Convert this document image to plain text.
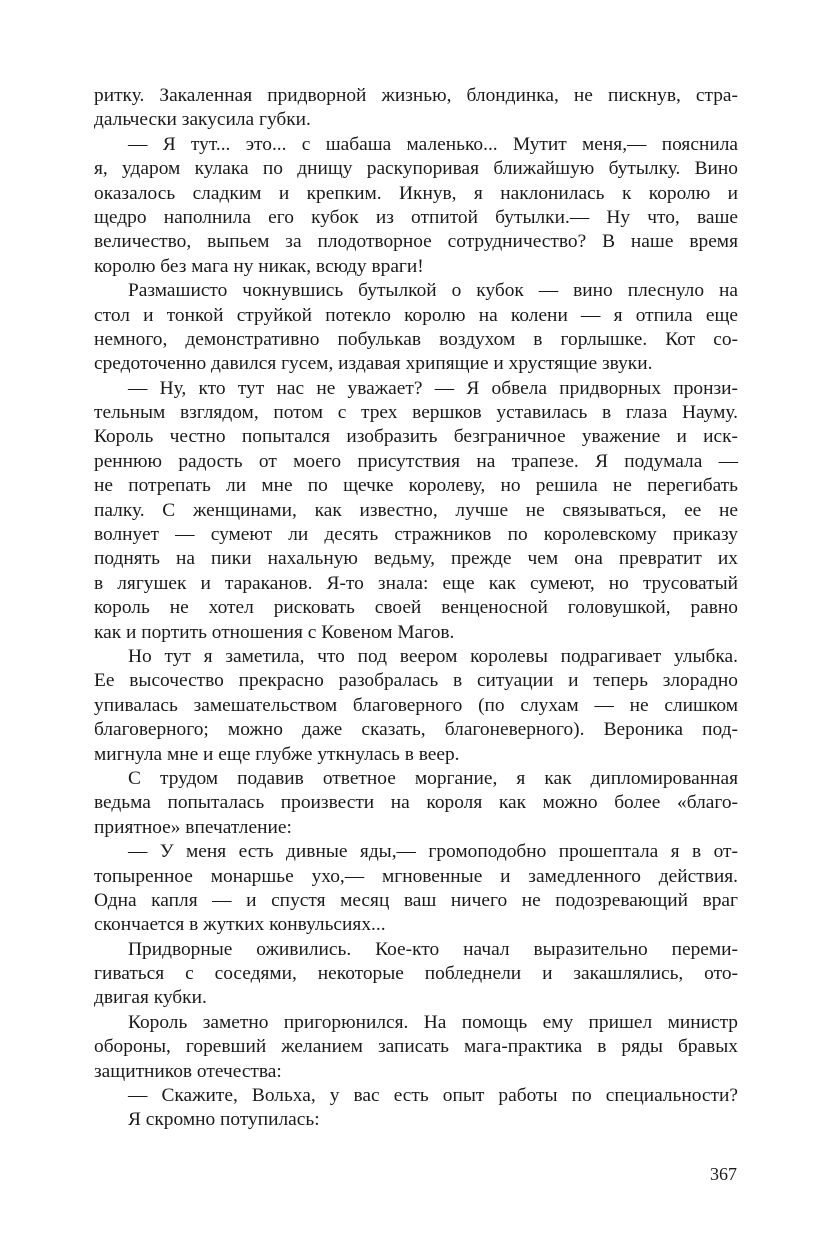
ритку. Закаленная придворной жизнью, блондинка, не пискнув, стра-
дальчески закусила губки.
— Я тут... это... с шабаша маленько... Мутит меня,— пояснила
я, ударом кулака по днищу раскупоривая ближайшую бутылку. Вино
оказалось сладким и крепким. Икнув, я наклонилась к королю и
щедро наполнила его кубок из отпитой бутылки.— Ну что, ваше
величество, выпьем за плодотворное сотрудничество? В наше время
королю без мага ну никак, всюду враги!
Размашисто чокнувшись бутылкой о кубок — вино плеснуло на
стол и тонкой струйкой потекло королю на колени — я отпила еще
немного, демонстративно побулькав воздухом в горлышке. Кот со-
средоточенно давился гусем, издавая хрипящие и хрустящие звуки.
— Ну, кто тут нас не уважает? — Я обвела придворных пронзи-
тельным взглядом, потом с трех вершков уставилась в глаза Науму.
Король честно попытался изобразить безграничное уважение и иск-
реннюю радость от моего присутствия на трапезе. Я подумала —
не потрепать ли мне по щечке королеву, но решила не перегибать
палку. С женщинами, как известно, лучше не связываться, ее не
волнует — сумеют ли десять стражников по королевскому приказу
поднять на пики нахальную ведьму, прежде чем она превратит их
в лягушек и тараканов. Я-то знала: еще как сумеют, но трусоватый
король не хотел рисковать своей венценосной головушкой, равно
как и портить отношения с Ковеном Магов.
Но тут я заметила, что под веером королевы подрагивает улыбка.
Ее высочество прекрасно разобралась в ситуации и теперь злорадно
упивалась замешательством благоверного (по слухам — не слишком
благоверного; можно даже сказать, благоневерного). Вероника под-
мигнула мне и еще глубже уткнулась в веер.
С трудом подавив ответное моргание, я как дипломированная
ведьма попыталась произвести на короля как можно более «благо-
приятное» впечатление:
— У меня есть дивные яды,— громоподобно прошептала я в от-
топыренное монаршье ухо,— мгновенные и замедленного действия.
Одна капля — и спустя месяц ваш ничего не подозревающий враг
скончается в жутких конвульсиях...
Придворные оживились. Кое-кто начал выразительно переми-
гиваться с соседями, некоторые побледнели и закашлялись, ото-
двигая кубки.
Король заметно пригорюнился. На помощь ему пришел министр
обороны, горевший желанием записать мага-практика в ряды бравых
защитников отечества:
— Скажите, Вольха, у вас есть опыт работы по специальности?
Я скромно потупилась:
367
